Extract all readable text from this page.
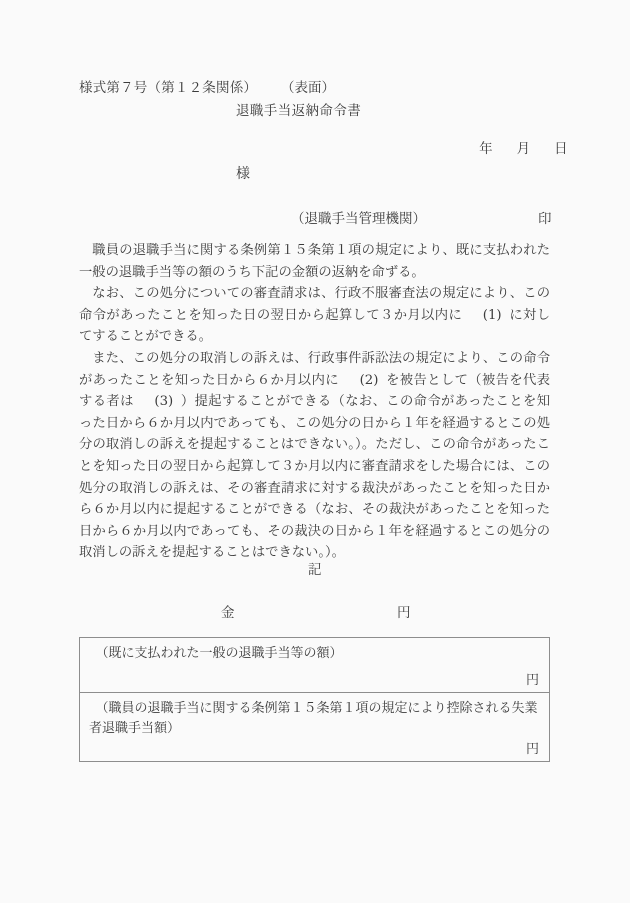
様式第７号（第１２条関係） （表面）
退職手当返納命令書

年 月 日

様
（退職手当管理機関）	印

職員の退職手当に関する条例第１５条第１項の規定により、既に支払われた一般の退職手当等の額のうち下記の金額の返納を命ずる。

なお、この処分についての審査請求は、行政不服審査法の規定により、この命令があったことを知った日の翌日から起算して３か月以内に (1) に対してすることができる。

また、この処分の取消しの訴えは、行政事件訴訟法の規定により、この命令があったことを知った日から６か月以内に (2) を被告として（被告を代表する者は (3) ）提起することができる（なお、この命令があったことを知った日から６か月以内であっても、この処分の日から１年を経過するとこの処分の取消しの訴えを提起することはできない。）。ただし、この命令があったことを知った日の翌日から起算して３か月以内に審査請求をした場合には、この処分の取消しの訴えは、その審査請求に対する裁決があったことを知った日から６か月以内に提起することができる（なお、その裁決があったことを知った日から６か月以内であっても、その裁決の日から１年を経過するとこの処分の取消しの訴えを提起することはできない。）。

記
金	円
（既に支払われた一般の退職手当等の額）
円
（職員の退職手当に関する条例第１５条第１項の規定により控除される失業者退職手当額）
円
